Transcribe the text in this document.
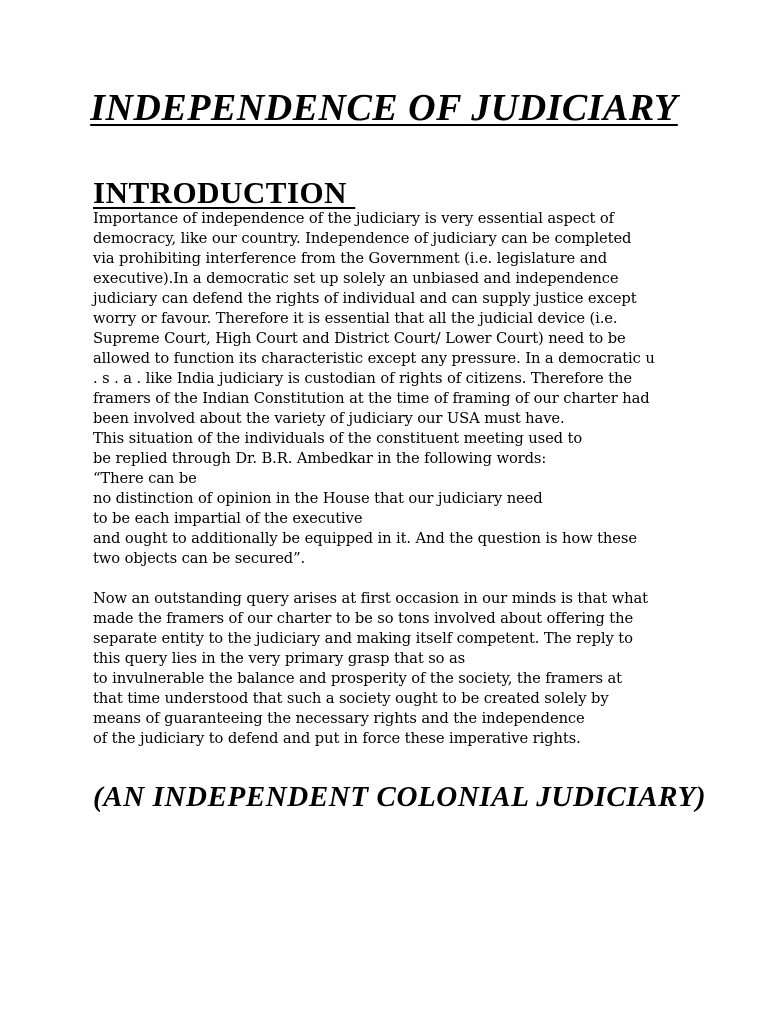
INDEPENDENCE OF JUDICIARY
INTRODUCTION
Importance of independence of the judiciary is very essential aspect of
democracy, like our country. Independence of judiciary can be completed
via prohibiting interference from the Government (i.e. legislature and
executive).In a democratic set up solely an unbiased and independence
judiciary can defend the rights of individual and can supply justice except
worry or favour. Therefore it is essential that all the judicial device (i.e.
Supreme Court, High Court and District Court/ Lower Court) need to be
allowed to function its characteristic except any pressure. In a democratic u
. s . a . like India judiciary is custodian of rights of citizens. Therefore the
framers of the Indian Constitution at the time of framing of our charter had
been involved about the variety of judiciary our USA must have.
This situation of the individuals of the constituent meeting used to
be replied through Dr. B.R. Ambedkar in the following words:
“There can be
no distinction of opinion in the House that our judiciary need
to be each impartial of the executive
and ought to additionally be equipped in it. And the question is how these
two objects can be secured”.
Now an outstanding query arises at first occasion in our minds is that what
made the framers of our charter to be so tons involved about offering the
separate entity to the judiciary and making itself competent. The reply to
this query lies in the very primary grasp that so as
to invulnerable the balance and prosperity of the society, the framers at
that time understood that such a society ought to be created solely by
means of guaranteeing the necessary rights and the independence
of the judiciary to defend and put in force these imperative rights.
(AN INDEPENDENT COLONIAL JUDICIARY)
